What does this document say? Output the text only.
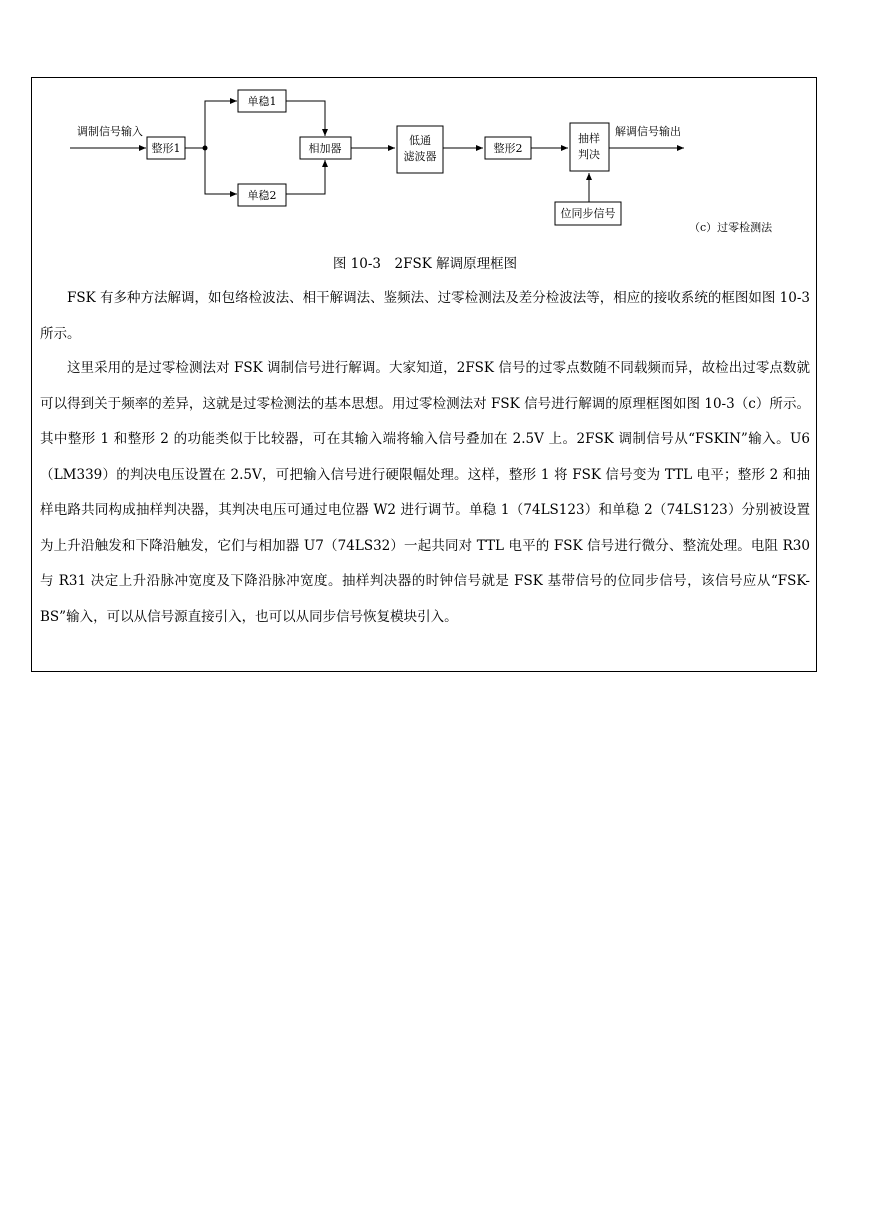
调制信号输入
整形1
单稳1
单稳2
相加器
低通
滤波器
整形2
抽样
判决
解调信号输出
位同步信号
（c）过零检测法
图 10-3　2FSK 解调原理框图

FSK 有多种方法解调，如包络检波法、相干解调法、鉴频法、过零检测法及差分检波法等，相应的接收系统的框图如图 10-3 所示。

这里采用的是过零检测法对 FSK 调制信号进行解调。大家知道，2FSK 信号的过零点数随不同载频而异，故检出过零点数就可以得到关于频率的差异，这就是过零检测法的基本思想。用过零检测法对 FSK 信号进行解调的原理框图如图 10-3（c）所示。其中整形 1 和整形 2 的功能类似于比较器，可在其输入端将输入信号叠加在 2.5V 上。2FSK 调制信号从“FSKIN”输入。U6（LM339）的判决电压设置在 2.5V，可把输入信号进行硬限幅处理。这样，整形 1 将 FSK 信号变为 TTL 电平；整形 2 和抽样电路共同构成抽样判决器，其判决电压可通过电位器 W2 进行调节。单稳 1（74LS123）和单稳 2（74LS123）分别被设置为上升沿触发和下降沿触发，它们与相加器 U7（74LS32）一起共同对 TTL 电平的 FSK 信号进行微分、整流处理。电阻 R30 与 R31 决定上升沿脉冲宽度及下降沿脉冲宽度。抽样判决器的时钟信号就是 FSK 基带信号的位同步信号，该信号应从“FSK-BS”输入，可以从信号源直接引入，也可以从同步信号恢复模块引入。
